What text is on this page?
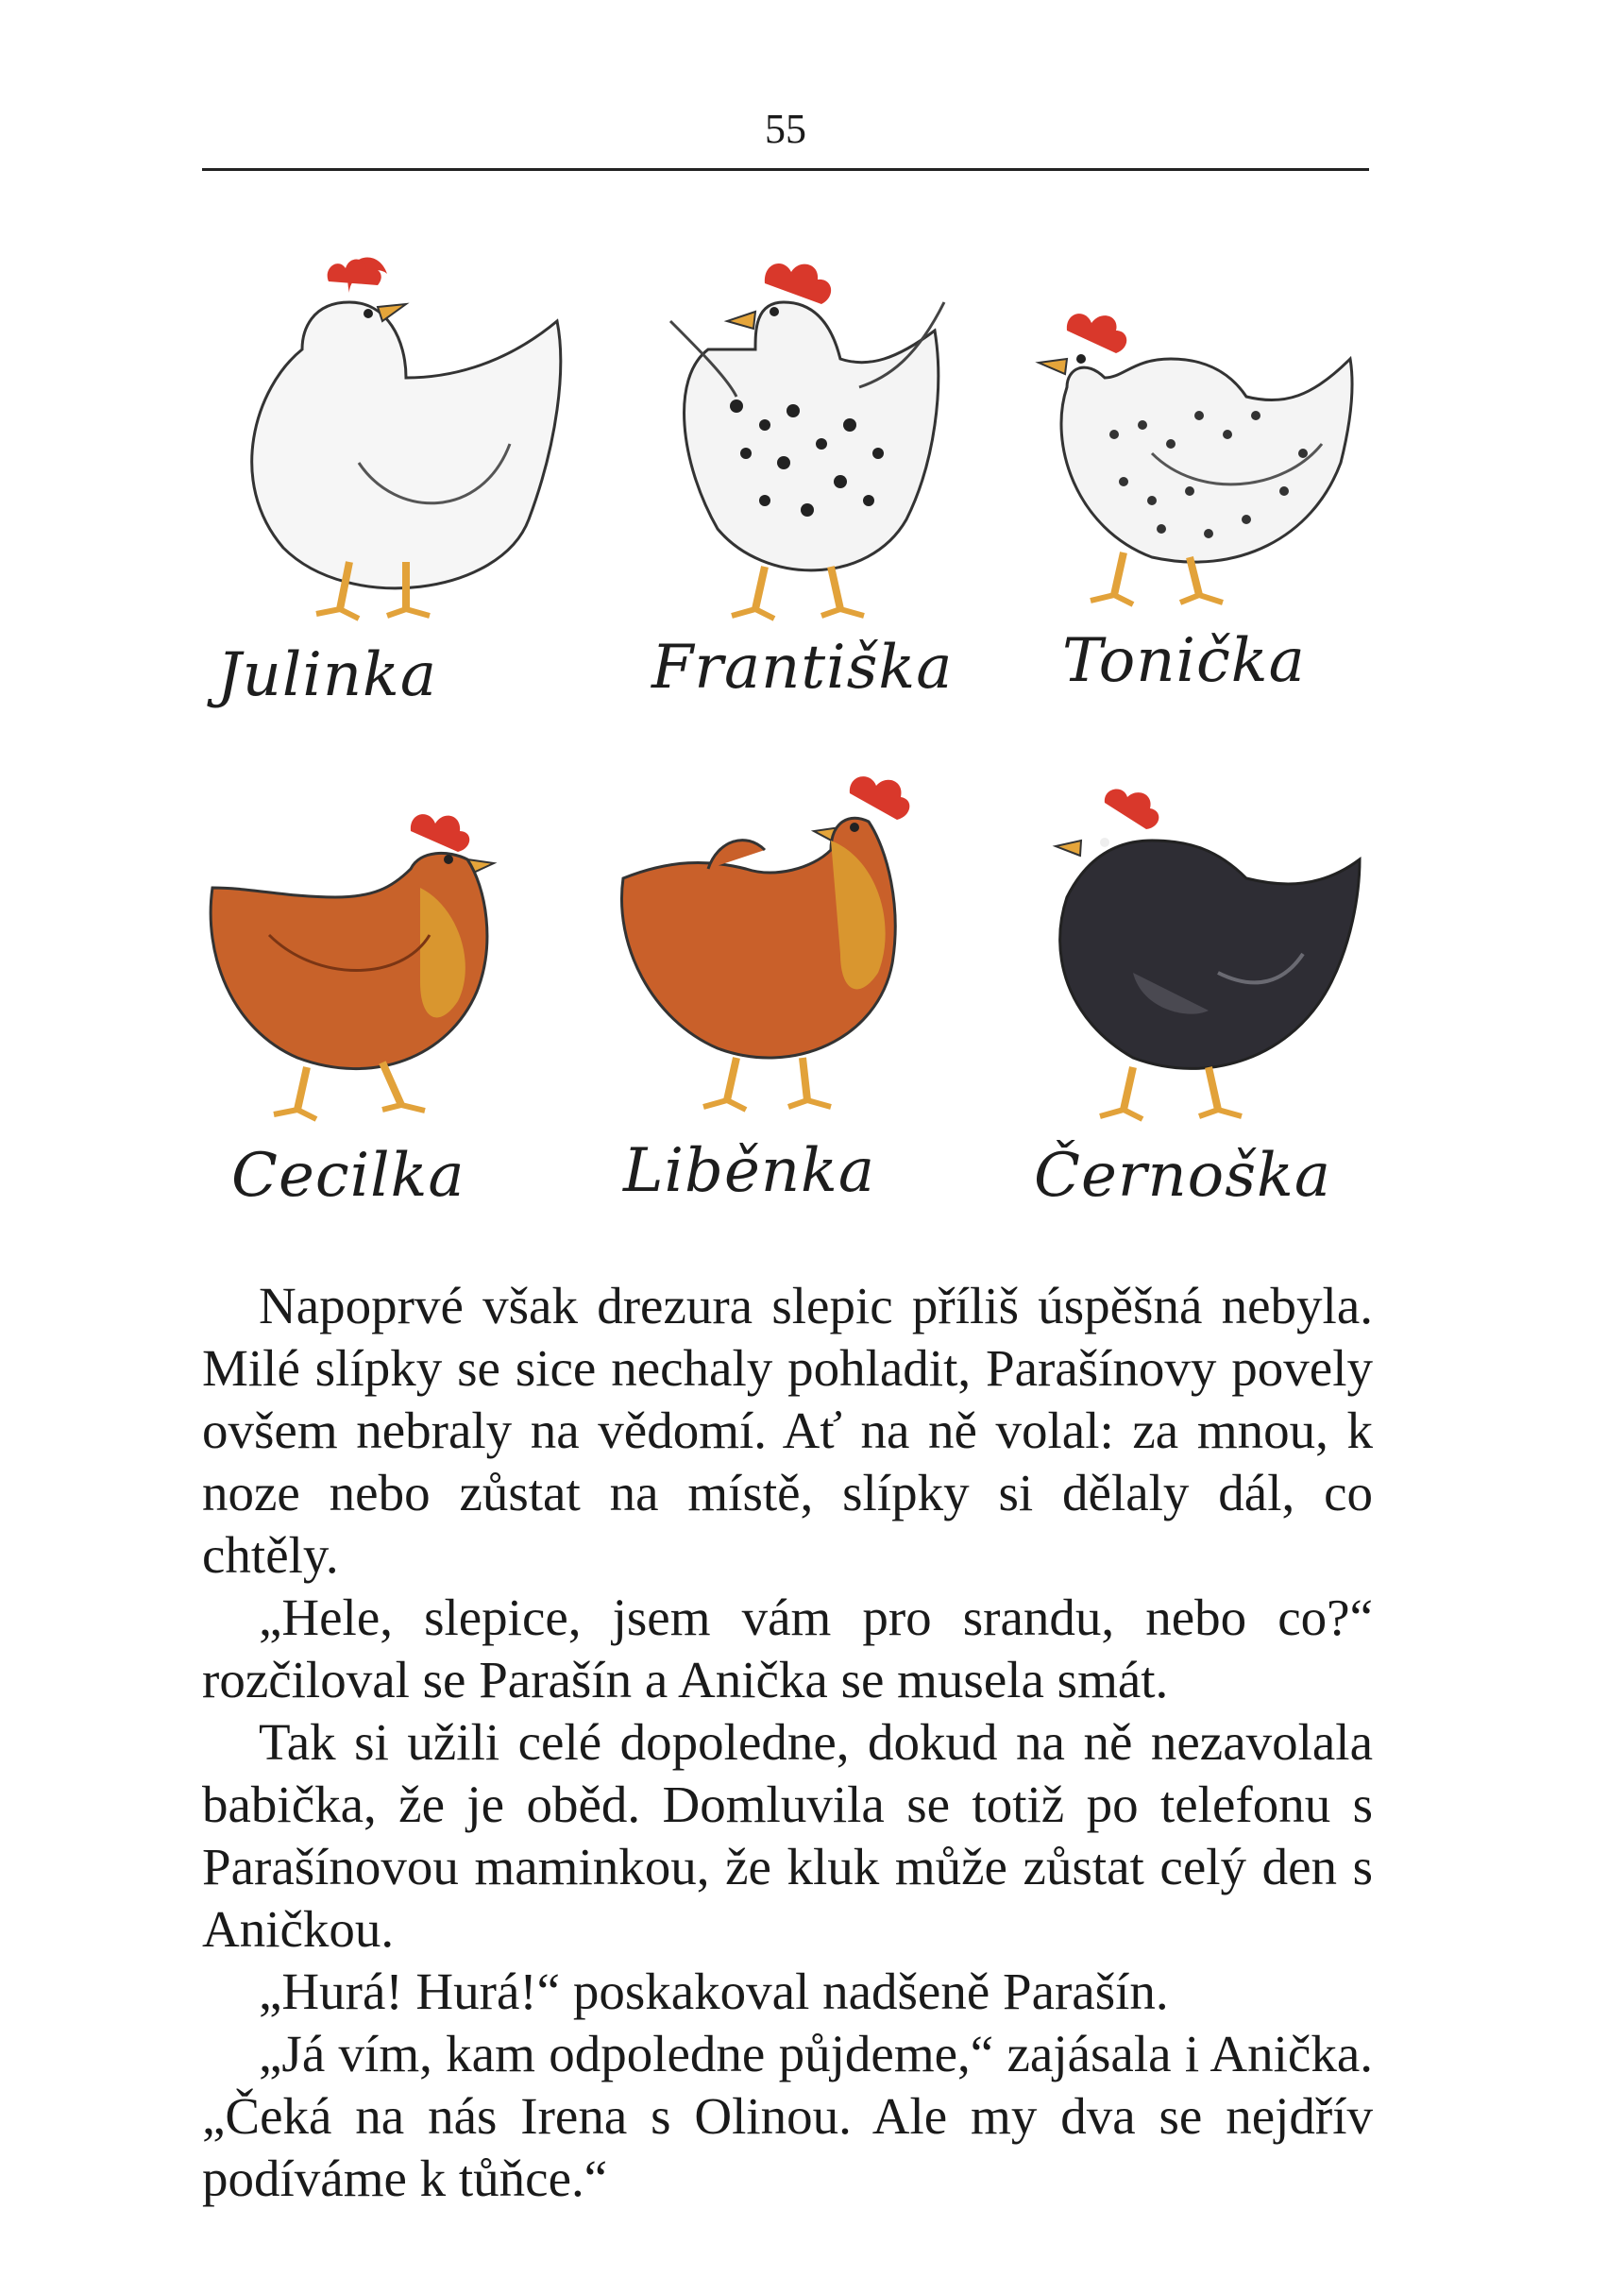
55
Julinka	Františka Tonička
Cecilka	Liběnka	Černoška

Napoprvé však drezura slepic příliš úspěšná nebyla. Milé slípky se sice nechaly pohladit, Parašínovy povely ovšem nebraly na vědomí. Ať na ně volal: za mnou, k noze nebo zůstat na místě, slípky si dělaly dál, co chtěly.

„Hele, slepice, jsem vám pro srandu, nebo co?“ rozčiloval se Parašín a Anička se musela smát.

Tak si užili celé dopoledne, dokud na ně nezavolala babička, že je oběd. Domluvila se totiž po telefonu s Parašínovou maminkou, že kluk může zůstat celý den s Aničkou.

„Hurá! Hurá!“ poskakoval nadšeně Parašín.

„Já vím, kam odpoledne půjdeme,“ zajásala i Anička. „Čeká na nás Irena s Olinou. Ale my dva se nejdřív podíváme k tůňce.“
